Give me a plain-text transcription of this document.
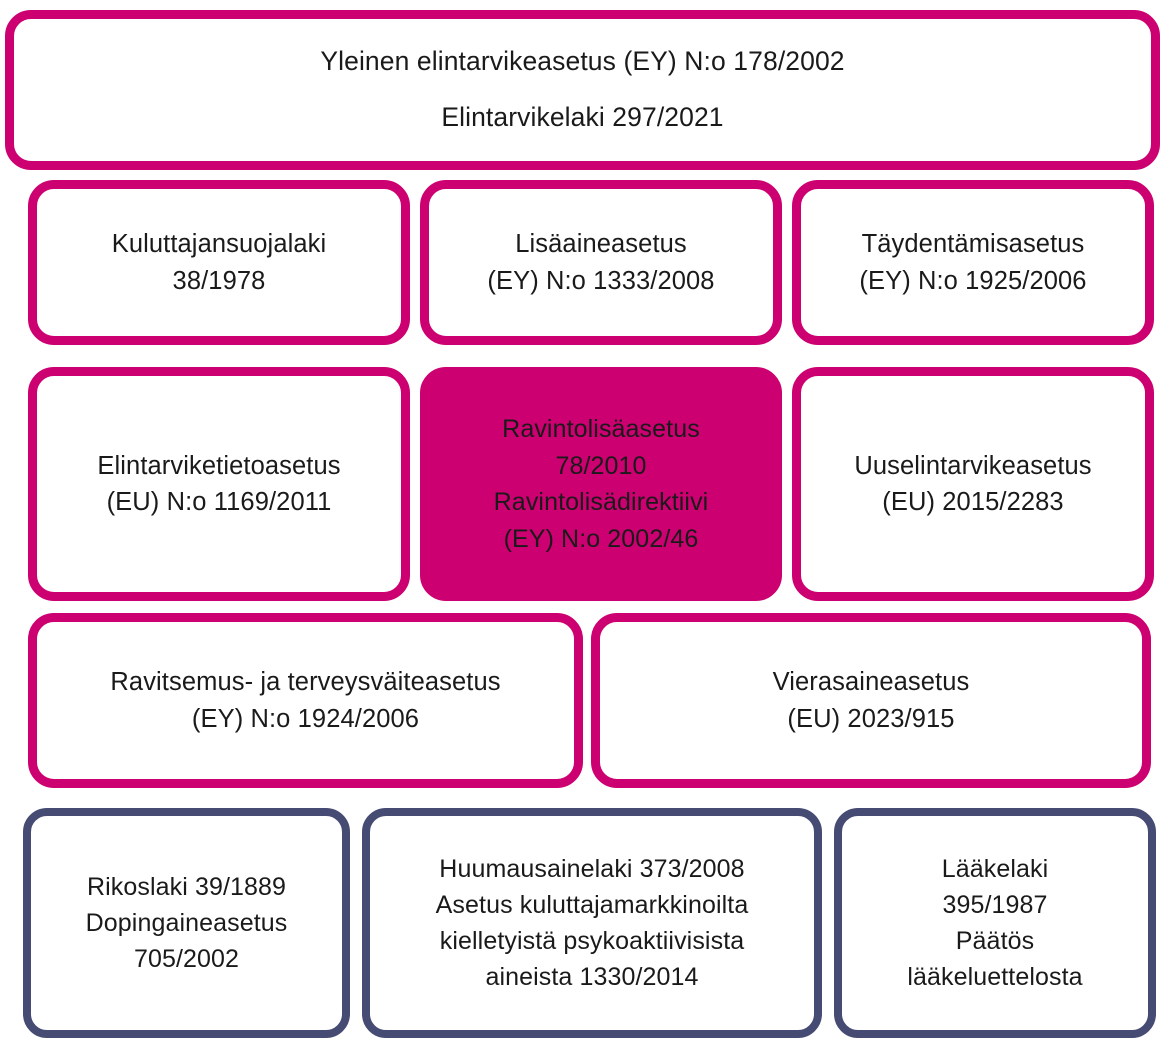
Yleinen elintarvikeasetus (EY) N:o 178/2002
Elintarvikelaki 297/2021
Kuluttajansuojalaki
38/1978
Lisäaineasetus
(EY) N:o 1333/2008
Täydentämisasetus
(EY) N:o 1925/2006
Elintarviketietoasetus
(EU) N:o 1169/2011
Ravintolisäasetus
78/2010
Ravintolisädirektiivi
(EY) N:o 2002/46
Uuselintarvikeasetus
(EU) 2015/2283
Ravitsemus- ja terveysväiteasetus
(EY) N:o 1924/2006
Vierasaineasetus
(EU) 2023/915
Rikoslaki 39/1889
Dopingaineasetus
705/2002
Huumausainelaki 373/2008
Asetus kuluttajamarkkinoilta
kielletyistä psykoaktiivisista
aineista 1330/2014
Lääkelaki
395/1987
Päätös
lääkeluettelosta
